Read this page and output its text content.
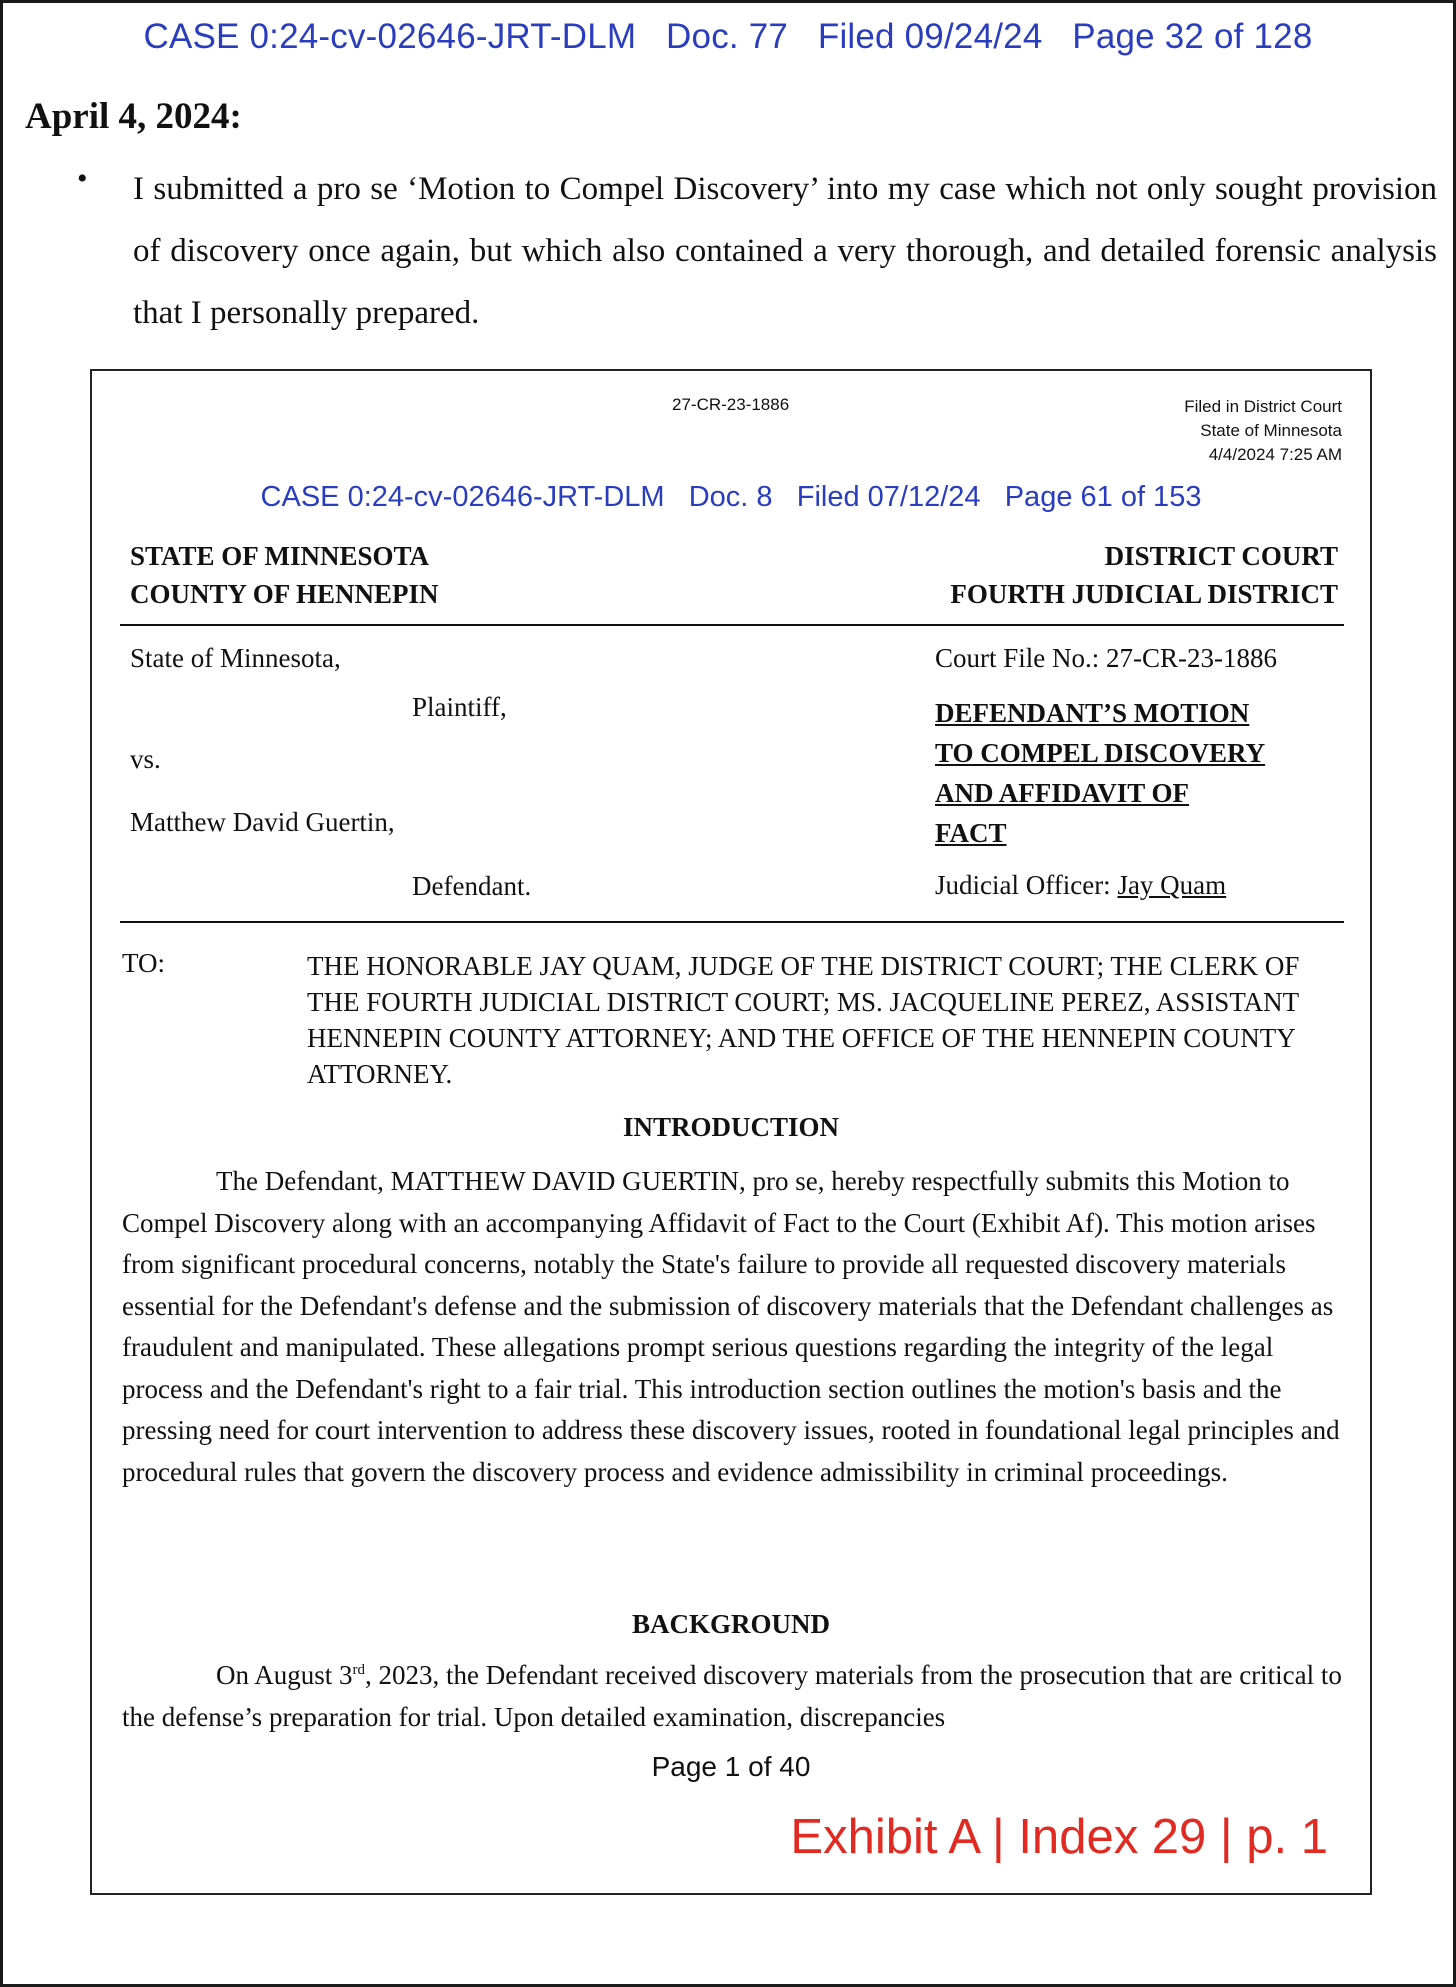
CASE 0:24-cv-02646-JRT-DLM Doc. 77 Filed 09/24/24 Page 32 of 128
April 4, 2024:
•	I submitted a pro se ‘Motion to Compel Discovery’ into my case which not only sought provision of discovery once again, but which also contained a very thorough, and detailed forensic analysis that I personally prepared.
27-CR-23-1886	Filed in District Court
State of Minnesota
4/4/2024 7:25 AM
CASE 0:24-cv-02646-JRT-DLM Doc. 8 Filed 07/12/24 Page 61 of 153
STATE OF MINNESOTA
COUNTY OF HENNEPIN
DISTRICT COURT
FOURTH JUDICIAL DISTRICT
State of Minnesota,
Plaintiff,
vs.
Matthew David Guertin,
Defendant.
Court File No.: 27-CR-23-1886
DEFENDANT’S MOTION
TO COMPEL DISCOVERY
AND AFFIDAVIT OF
FACT
Judicial Officer: Jay Quam
TO:	THE HONORABLE JAY QUAM, JUDGE OF THE DISTRICT COURT; THE CLERK OF THE FOURTH JUDICIAL DISTRICT COURT; MS. JACQUELINE PEREZ, ASSISTANT HENNEPIN COUNTY ATTORNEY; AND THE OFFICE OF THE HENNEPIN COUNTY ATTORNEY.
INTRODUCTION
The Defendant, MATTHEW DAVID GUERTIN, pro se, hereby respectfully submits this Motion to Compel Discovery along with an accompanying Affidavit of Fact to the Court (Exhibit Af). This motion arises from significant procedural concerns, notably the State's failure to provide all requested discovery materials essential for the Defendant's defense and the submission of discovery materials that the Defendant challenges as fraudulent and manipulated. These allegations prompt serious questions regarding the integrity of the legal process and the Defendant's right to a fair trial. This introduction section outlines the motion's basis and the pressing need for court intervention to address these discovery issues, rooted in foundational legal principles and procedural rules that govern the discovery process and evidence admissibility in criminal proceedings.
BACKGROUND
On August 3rd, 2023, the Defendant received discovery materials from the prosecution that are critical to the defense’s preparation for trial. Upon detailed examination, discrepancies
Page 1 of 40
Exhibit A | Index 29 | p. 1
